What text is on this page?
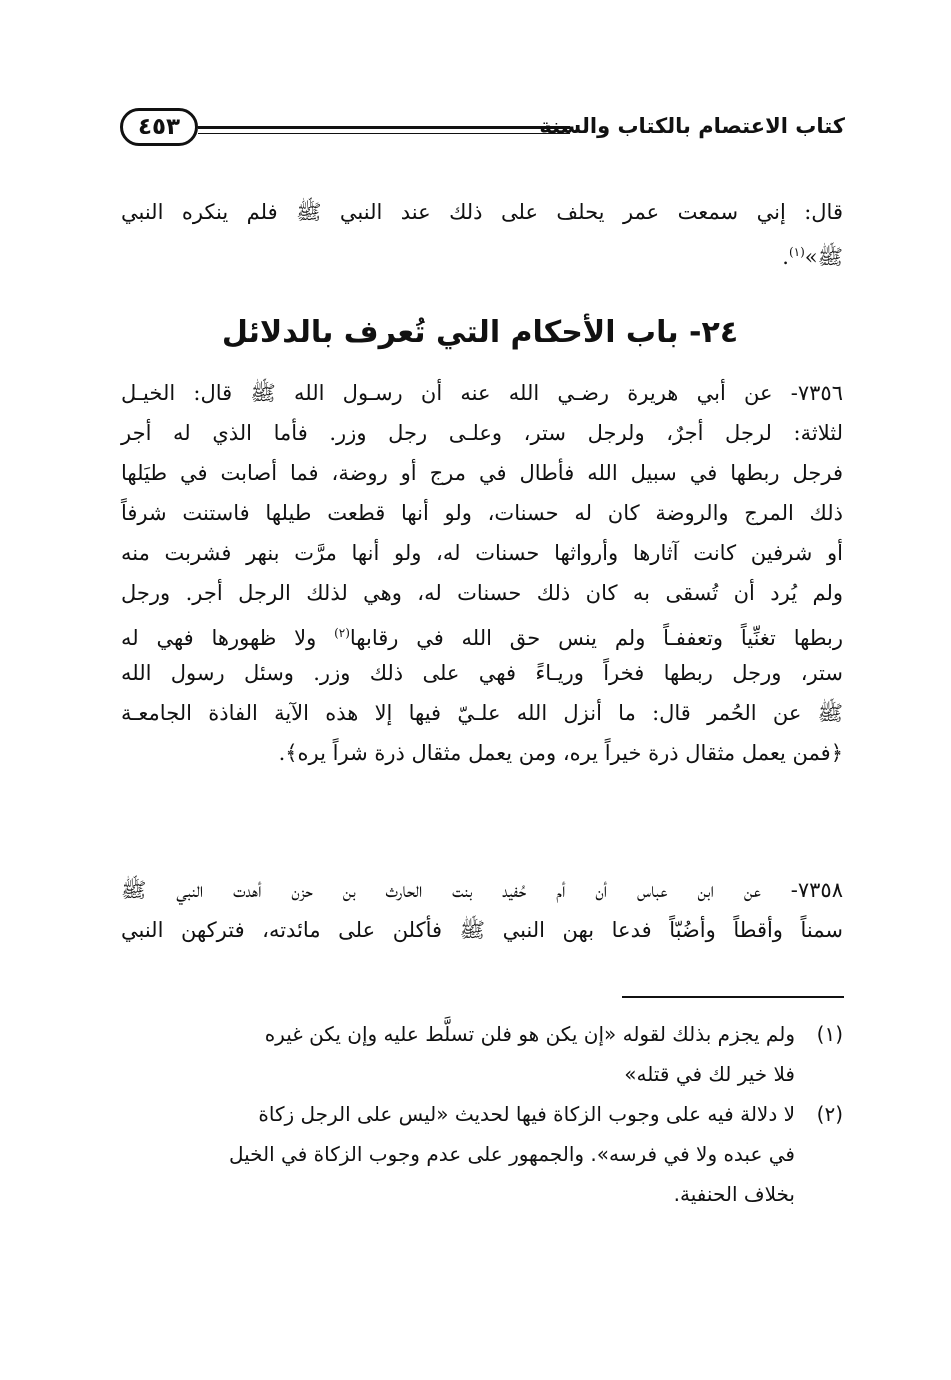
كتاب الاعتصام بالكتاب والسنة
٤٥٣
قال: إني سمعت عمر يحلف على ذلك عند النبي ﷺ فلم ينكره النبي
ﷺ»$^{(١)}$.
٢٤- باب الأحكام التي تُعرف بالدلائل
٧٣٥٦- عن أبي هريرة رضـي الله عنه أن رسـول الله ﷺ قال: الخيـل
لثلاثة: لرجل أجرٌ، ولرجل ستر، وعلـى رجل وزر. فأما الذي له أجر
فرجل ربطها في سبيل الله فأطال في مرج أو روضة، فما أصابت في طيَلها
ذلك المرج والروضة كان له حسنات، ولو أنها قطعت طيلها فاستنت شرفاً
أو شرفين كانت آثارها وأرواثها حسنات له، ولو أنها مرَّت بنهر فشربت منه
ولم يُرد أن تُسقى به كان ذلك حسنات له، وهي لذلك الرجل أجر. ورجل
ربطها تغنِّياً وتعففـاً ولم ينس حق الله في رقابها$^{(٢)}$ ولا ظهورها فهي له
ستر، ورجل ربطها فخراً وريـاءً فهي على ذلك وزر. وسئل رسول الله
ﷺ عن الحُمر قال: ما أنزل الله علـيّ فيها إلا هذه الآية الفاذة الجامعـة
﴿فمن يعمل مثقال ذرة خيراً يره، ومن يعمل مثقال ذرة شراً يره﴾.
٧٣٥٨- عن ابن عباس أن أم حُفيد بنت الحارث بن حزن أهدت النبي ﷺ
سمناً وأقطاً وأضُبّاً فدعا بهن النبي ﷺ فأكلن على مائدته، فتركهن النبي
(١)ولم يجزم بذلك لقوله «إن يكن هو فلن تسلَّط عليه وإن يكن غيره
فلا خير لك في قتله»
(٢)لا دلالة فيه على وجوب الزكاة فيها لحديث «ليس على الرجل زكاة
في عبده ولا في فرسه». والجمهور على عدم وجوب الزكاة في الخيل
بخلاف الحنفية.
